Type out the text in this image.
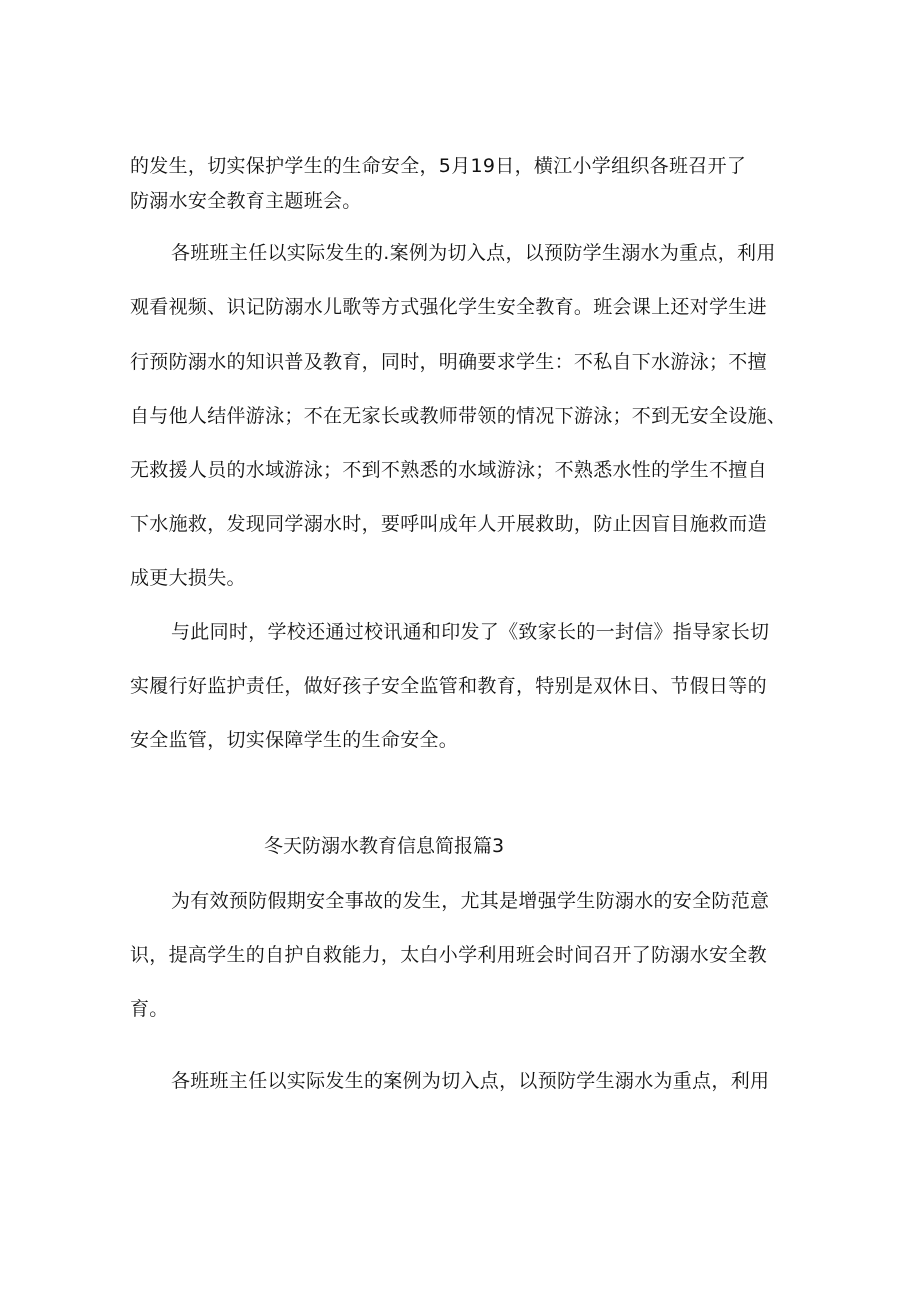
的发生，切实保护学生的生命安全，5月19日，横江小学组织各班召开了
防溺水安全教育主题班会。
各班班主任以实际发生的.案例为切入点，以预防学生溺水为重点，利用
观看视频、识记防溺水儿歌等方式强化学生安全教育。班会课上还对学生进
行预防溺水的知识普及教育，同时，明确要求学生：不私自下水游泳；不擅
自与他人结伴游泳；不在无家长或教师带领的情况下游泳；不到无安全设施、
无救援人员的水域游泳；不到不熟悉的水域游泳；不熟悉水性的学生不擅自
下水施救，发现同学溺水时，要呼叫成年人开展救助，防止因盲目施救而造
成更大损失。
与此同时，学校还通过校讯通和印发了《致家长的一封信》指导家长切
实履行好监护责任，做好孩子安全监管和教育，特别是双休日、节假日等的
安全监管，切实保障学生的生命安全。
冬天防溺水教育信息简报篇3
为有效预防假期安全事故的发生，尤其是增强学生防溺水的安全防范意
识，提高学生的自护自救能力，太白小学利用班会时间召开了防溺水安全教
育。
各班班主任以实际发生的案例为切入点，以预防学生溺水为重点，利用
